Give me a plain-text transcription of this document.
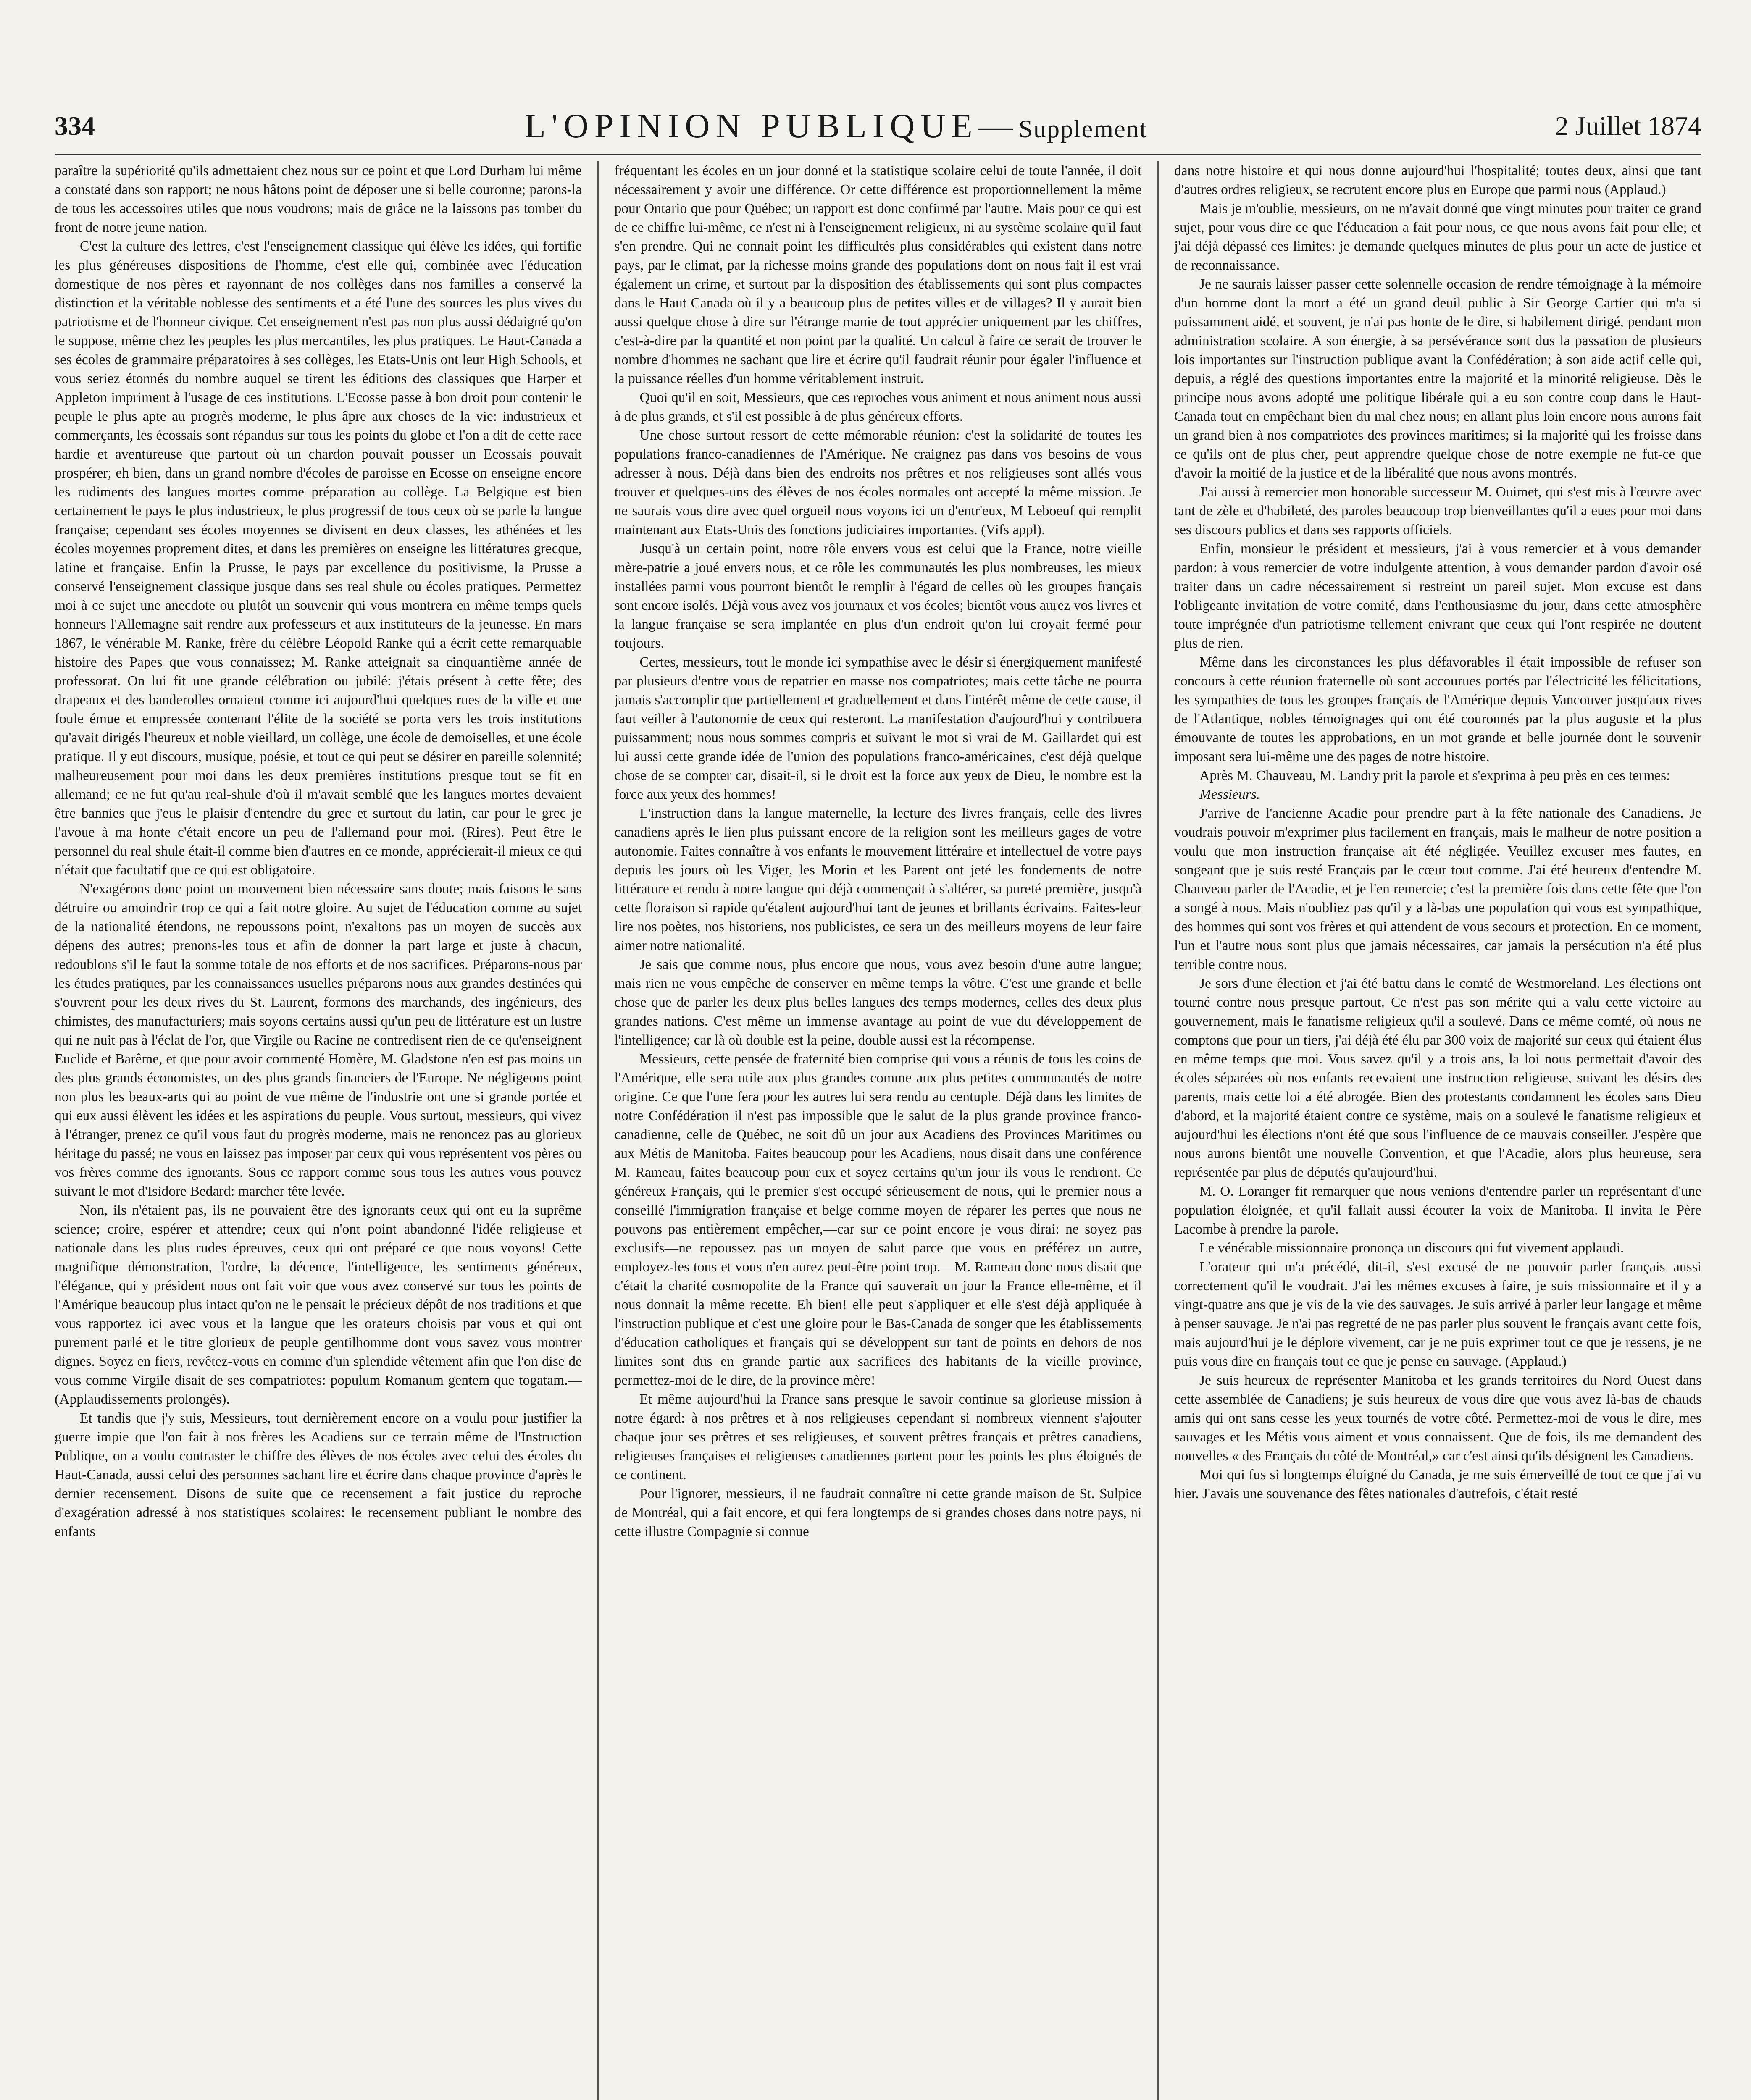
334	L'OPINION PUBLIQUE—Supplement	2 Juillet 1874

paraître la supériorité qu'ils admettaient chez nous sur ce point et que Lord Durham lui même a constaté dans son rapport; ne nous hâtons point de déposer une si belle couronne; parons-la de tous les accessoires utiles que nous voudrons; mais de grâce ne la laissons pas tomber du front de notre jeune nation.

C'est la culture des lettres, c'est l'enseignement classique qui élève les idées, qui fortifie les plus généreuses dispositions de l'homme, c'est elle qui, combinée avec l'éducation domestique de nos pères et rayonnant de nos collèges dans nos familles a conservé la distinction et la véritable noblesse des sentiments et a été l'une des sources les plus vives du patriotisme et de l'honneur civique. Cet enseignement n'est pas non plus aussi dédaigné qu'on le suppose, même chez les peuples les plus mercantiles, les plus pratiques. Le Haut-Canada a ses écoles de grammaire préparatoires à ses collèges, les Etats-Unis ont leur High Schools, et vous seriez étonnés du nombre auquel se tirent les éditions des classiques que Harper et Appleton impriment à l'usage de ces institutions. L'Ecosse passe à bon droit pour contenir le peuple le plus apte au progrès moderne, le plus âpre aux choses de la vie: industrieux et commerçants, les écossais sont répandus sur tous les points du globe et l'on a dit de cette race hardie et aventureuse que partout où un chardon pouvait pousser un Ecossais pouvait prospérer; eh bien, dans un grand nombre d'écoles de paroisse en Ecosse on enseigne encore les rudiments des langues mortes comme préparation au collège. La Belgique est bien certainement le pays le plus industrieux, le plus progressif de tous ceux où se parle la langue française; cependant ses écoles moyennes se divisent en deux classes, les athénées et les écoles moyennes proprement dites, et dans les premières on enseigne les littératures grecque, latine et française. Enfin la Prusse, le pays par excellence du positivisme, la Prusse a conservé l'enseignement classique jusque dans ses real shule ou écoles pratiques. Permettez moi à ce sujet une anecdote ou plutôt un souvenir qui vous montrera en même temps quels honneurs l'Allemagne sait rendre aux professeurs et aux instituteurs de la jeunesse. En mars 1867, le vénérable M. Ranke, frère du célèbre Léopold Ranke qui a écrit cette remarquable histoire des Papes que vous connaissez; M. Ranke atteignait sa cinquantième année de professorat. On lui fit une grande célébration ou jubilé: j'étais présent à cette fête; des drapeaux et des banderolles ornaient comme ici aujourd'hui quelques rues de la ville et une foule émue et empressée contenant l'élite de la société se porta vers les trois institutions qu'avait dirigés l'heureux et noble vieillard, un collège, une école de demoiselles, et une école pratique. Il y eut discours, musique, poésie, et tout ce qui peut se désirer en pareille solennité; malheureusement pour moi dans les deux premières institutions presque tout se fit en allemand; ce ne fut qu'au real-shule d'où il m'avait semblé que les langues mortes devaient être bannies que j'eus le plaisir d'entendre du grec et surtout du latin, car pour le grec je l'avoue à ma honte c'était encore un peu de l'allemand pour moi. (Rires). Peut être le personnel du real shule était-il comme bien d'autres en ce monde, apprécierait-il mieux ce qui n'était que facultatif que ce qui est obligatoire.

N'exagérons donc point un mouvement bien nécessaire sans doute; mais faisons le sans détruire ou amoindrir trop ce qui a fait notre gloire. Au sujet de l'éducation comme au sujet de la nationalité étendons, ne repoussons point, n'exaltons pas un moyen de succès aux dépens des autres; prenons-les tous et afin de donner la part large et juste à chacun, redoublons s'il le faut la somme totale de nos efforts et de nos sacrifices. Préparons-nous par les études pratiques, par les connaissances usuelles préparons nous aux grandes destinées qui s'ouvrent pour les deux rives du St. Laurent, formons des marchands, des ingénieurs, des chimistes, des manufacturiers; mais soyons certains aussi qu'un peu de littérature est un lustre qui ne nuit pas à l'éclat de l'or, que Virgile ou Racine ne contredisent rien de ce qu'enseignent Euclide et Barême, et que pour avoir commenté Homère, M. Gladstone n'en est pas moins un des plus grands économistes, un des plus grands financiers de l'Europe. Ne négligeons point non plus les beaux-arts qui au point de vue même de l'industrie ont une si grande portée et qui eux aussi élèvent les idées et les aspirations du peuple. Vous surtout, messieurs, qui vivez à l'étranger, prenez ce qu'il vous faut du progrès moderne, mais ne renoncez pas au glorieux héritage du passé; ne vous en laissez pas imposer par ceux qui vous représentent vos pères ou vos frères comme des ignorants. Sous ce rapport comme sous tous les autres vous pouvez suivant le mot d'Isidore Bedard: marcher tête levée.

Non, ils n'étaient pas, ils ne pouvaient être des ignorants ceux qui ont eu la suprême science; croire, espérer et attendre; ceux qui n'ont point abandonné l'idée religieuse et nationale dans les plus rudes épreuves, ceux qui ont préparé ce que nous voyons! Cette magnifique démonstration, l'ordre, la décence, l'intelligence, les sentiments généreux, l'élégance, qui y président nous ont fait voir que vous avez conservé sur tous les points de l'Amérique beaucoup plus intact qu'on ne le pensait le précieux dépôt de nos traditions et que vous rapportez ici avec vous et la langue que les orateurs choisis par vous et qui ont purement parlé et le titre glorieux de peuple gentilhomme dont vous savez vous montrer dignes. Soyez en fiers, revêtez-vous en comme d'un splendide vêtement afin que l'on dise de vous comme Virgile disait de ses compatriotes: populum Romanum gentem que togatam.—(Applaudissements prolongés).

Et tandis que j'y suis, Messieurs, tout dernièrement encore on a voulu pour justifier la guerre impie que l'on fait à nos frères les Acadiens sur ce terrain même de l'Instruction Publique, on a voulu contraster le chiffre des élèves de nos écoles avec celui des écoles du Haut-Canada, aussi celui des personnes sachant lire et écrire dans chaque province d'après le dernier recensement. Disons de suite que ce recensement a fait justice du reproche d'exagération adressé à nos statistiques scolaires: le recensement publiant le nombre des enfants

fréquentant les écoles en un jour donné et la statistique scolaire celui de toute l'année, il doit nécessairement y avoir une différence. Or cette différence est proportionnellement la même pour Ontario que pour Québec; un rapport est donc confirmé par l'autre. Mais pour ce qui est de ce chiffre lui-même, ce n'est ni à l'enseignement religieux, ni au système scolaire qu'il faut s'en prendre. Qui ne connait point les difficultés plus considérables qui existent dans notre pays, par le climat, par la richesse moins grande des populations dont on nous fait il est vrai également un crime, et surtout par la disposition des établissements qui sont plus compactes dans le Haut Canada où il y a beaucoup plus de petites villes et de villages? Il y aurait bien aussi quelque chose à dire sur l'étrange manie de tout apprécier uniquement par les chiffres, c'est-à-dire par la quantité et non point par la qualité. Un calcul à faire ce serait de trouver le nombre d'hommes ne sachant que lire et écrire qu'il faudrait réunir pour égaler l'influence et la puissance réelles d'un homme véritablement instruit.

Quoi qu'il en soit, Messieurs, que ces reproches vous animent et nous animent nous aussi à de plus grands, et s'il est possible à de plus généreux efforts.

Une chose surtout ressort de cette mémorable réunion: c'est la solidarité de toutes les populations franco-canadiennes de l'Amérique. Ne craignez pas dans vos besoins de vous adresser à nous. Déjà dans bien des endroits nos prêtres et nos religieuses sont allés vous trouver et quelques-uns des élèves de nos écoles normales ont accepté la même mission. Je ne saurais vous dire avec quel orgueil nous voyons ici un d'entr'eux, M Leboeuf qui remplit maintenant aux Etats-Unis des fonctions judiciaires importantes. (Vifs appl).

Jusqu'à un certain point, notre rôle envers vous est celui que la France, notre vieille mère-patrie a joué envers nous, et ce rôle les communautés les plus nombreuses, les mieux installées parmi vous pourront bientôt le remplir à l'égard de celles où les groupes français sont encore isolés. Déjà vous avez vos journaux et vos écoles; bientôt vous aurez vos livres et la langue française se sera implantée en plus d'un endroit qu'on lui croyait fermé pour toujours.

Certes, messieurs, tout le monde ici sympathise avec le désir si énergiquement manifesté par plusieurs d'entre vous de repatrier en masse nos compatriotes; mais cette tâche ne pourra jamais s'accomplir que partiellement et graduellement et dans l'intérêt même de cette cause, il faut veiller à l'autonomie de ceux qui resteront. La manifestation d'aujourd'hui y contribuera puissamment; nous nous sommes compris et suivant le mot si vrai de M. Gaillardet qui est lui aussi cette grande idée de l'union des populations franco-américaines, c'est déjà quelque chose de se compter car, disait-il, si le droit est la force aux yeux de Dieu, le nombre est la force aux yeux des hommes!

L'instruction dans la langue maternelle, la lecture des livres français, celle des livres canadiens après le lien plus puissant encore de la religion sont les meilleurs gages de votre autonomie. Faites connaître à vos enfants le mouvement littéraire et intellectuel de votre pays depuis les jours où les Viger, les Morin et les Parent ont jeté les fondements de notre littérature et rendu à notre langue qui déjà commençait à s'altérer, sa pureté première, jusqu'à cette floraison si rapide qu'étalent aujourd'hui tant de jeunes et brillants écrivains. Faites-leur lire nos poètes, nos historiens, nos publicistes, ce sera un des meilleurs moyens de leur faire aimer notre nationalité.

Je sais que comme nous, plus encore que nous, vous avez besoin d'une autre langue; mais rien ne vous empêche de conserver en même temps la vôtre. C'est une grande et belle chose que de parler les deux plus belles langues des temps modernes, celles des deux plus grandes nations. C'est même un immense avantage au point de vue du développement de l'intelligence; car là où double est la peine, double aussi est la récompense.

Messieurs, cette pensée de fraternité bien comprise qui vous a réunis de tous les coins de l'Amérique, elle sera utile aux plus grandes comme aux plus petites communautés de notre origine. Ce que l'une fera pour les autres lui sera rendu au centuple. Déjà dans les limites de notre Confédération il n'est pas impossible que le salut de la plus grande province franco-canadienne, celle de Québec, ne soit dû un jour aux Acadiens des Provinces Maritimes ou aux Métis de Manitoba. Faites beaucoup pour les Acadiens, nous disait dans une conférence M. Rameau, faites beaucoup pour eux et soyez certains qu'un jour ils vous le rendront. Ce généreux Français, qui le premier s'est occupé sérieusement de nous, qui le premier nous a conseillé l'immigration française et belge comme moyen de réparer les pertes que nous ne pouvons pas entièrement empêcher,—car sur ce point encore je vous dirai: ne soyez pas exclusifs—ne repoussez pas un moyen de salut parce que vous en préférez un autre, employez-les tous et vous n'en aurez peut-être point trop.—M. Rameau donc nous disait que c'était la charité cosmopolite de la France qui sauverait un jour la France elle-même, et il nous donnait la même recette. Eh bien! elle peut s'appliquer et elle s'est déjà appliquée à l'instruction publique et c'est une gloire pour le Bas-Canada de songer que les établissements d'éducation catholiques et français qui se développent sur tant de points en dehors de nos limites sont dus en grande partie aux sacrifices des habitants de la vieille province, permettez-moi de le dire, de la province mère!

Et même aujourd'hui la France sans presque le savoir continue sa glorieuse mission à notre égard: à nos prêtres et à nos religieuses cependant si nombreux viennent s'ajouter chaque jour ses prêtres et ses religieuses, et souvent prêtres français et prêtres canadiens, religieuses françaises et religieuses canadiennes partent pour les points les plus éloignés de ce continent.

Pour l'ignorer, messieurs, il ne faudrait connaître ni cette grande maison de St. Sulpice de Montréal, qui a fait encore, et qui fera longtemps de si grandes choses dans notre pays, ni cette illustre Compagnie si connue

dans notre histoire et qui nous donne aujourd'hui l'hospitalité; toutes deux, ainsi que tant d'autres ordres religieux, se recrutent encore plus en Europe que parmi nous (Applaud.)

Mais je m'oublie, messieurs, on ne m'avait donné que vingt minutes pour traiter ce grand sujet, pour vous dire ce que l'éducation a fait pour nous, ce que nous avons fait pour elle; et j'ai déjà dépassé ces limites: je demande quelques minutes de plus pour un acte de justice et de reconnaissance.

Je ne saurais laisser passer cette solennelle occasion de rendre témoignage à la mémoire d'un homme dont la mort a été un grand deuil public à Sir George Cartier qui m'a si puissamment aidé, et souvent, je n'ai pas honte de le dire, si habilement dirigé, pendant mon administration scolaire. A son énergie, à sa persévérance sont dus la passation de plusieurs lois importantes sur l'instruction publique avant la Confédération; à son aide actif celle qui, depuis, a réglé des questions importantes entre la majorité et la minorité religieuse. Dès le principe nous avons adopté une politique libérale qui a eu son contre coup dans le Haut-Canada tout en empêchant bien du mal chez nous; en allant plus loin encore nous aurons fait un grand bien à nos compatriotes des provinces maritimes; si la majorité qui les froisse dans ce qu'ils ont de plus cher, peut apprendre quelque chose de notre exemple ne fut-ce que d'avoir la moitié de la justice et de la libéralité que nous avons montrés.

J'ai aussi à remercier mon honorable successeur M. Ouimet, qui s'est mis à l'œuvre avec tant de zèle et d'habileté, des paroles beaucoup trop bienveillantes qu'il a eues pour moi dans ses discours publics et dans ses rapports officiels.

Enfin, monsieur le président et messieurs, j'ai à vous remercier et à vous demander pardon: à vous remercier de votre indulgente attention, à vous demander pardon d'avoir osé traiter dans un cadre nécessairement si restreint un pareil sujet. Mon excuse est dans l'obligeante invitation de votre comité, dans l'enthousiasme du jour, dans cette atmosphère toute imprégnée d'un patriotisme tellement enivrant que ceux qui l'ont respirée ne doutent plus de rien.

Même dans les circonstances les plus défavorables il était impossible de refuser son concours à cette réunion fraternelle où sont accourues portés par l'électricité les félicitations, les sympathies de tous les groupes français de l'Amérique depuis Vancouver jusqu'aux rives de l'Atlantique, nobles témoignages qui ont été couronnés par la plus auguste et la plus émouvante de toutes les approbations, en un mot grande et belle journée dont le souvenir imposant sera lui-même une des pages de notre histoire.

Après M. Chauveau, M. Landry prit la parole et s'exprima à peu près en ces termes:

Messieurs.

J'arrive de l'ancienne Acadie pour prendre part à la fête nationale des Canadiens. Je voudrais pouvoir m'exprimer plus facilement en français, mais le malheur de notre position a voulu que mon instruction française ait été négligée. Veuillez excuser mes fautes, en songeant que je suis resté Français par le cœur tout comme. J'ai été heureux d'entendre M. Chauveau parler de l'Acadie, et je l'en remercie; c'est la première fois dans cette fête que l'on a songé à nous. Mais n'oubliez pas qu'il y a là-bas une population qui vous est sympathique, des hommes qui sont vos frères et qui attendent de vous secours et protection. En ce moment, l'un et l'autre nous sont plus que jamais nécessaires, car jamais la persécution n'a été plus terrible contre nous.

Je sors d'une élection et j'ai été battu dans le comté de Westmoreland. Les élections ont tourné contre nous presque partout. Ce n'est pas son mérite qui a valu cette victoire au gouvernement, mais le fanatisme religieux qu'il a soulevé. Dans ce même comté, où nous ne comptons que pour un tiers, j'ai déjà été élu par 300 voix de majorité sur ceux qui étaient élus en même temps que moi. Vous savez qu'il y a trois ans, la loi nous permettait d'avoir des écoles séparées où nos enfants recevaient une instruction religieuse, suivant les désirs des parents, mais cette loi a été abrogée. Bien des protestants condamnent les écoles sans Dieu d'abord, et la majorité étaient contre ce système, mais on a soulevé le fanatisme religieux et aujourd'hui les élections n'ont été que sous l'influence de ce mauvais conseiller. J'espère que nous aurons bientôt une nouvelle Convention, et que l'Acadie, alors plus heureuse, sera représentée par plus de députés qu'aujourd'hui.

M. O. Loranger fit remarquer que nous venions d'entendre parler un représentant d'une population éloignée, et qu'il fallait aussi écouter la voix de Manitoba. Il invita le Père Lacombe à prendre la parole.

Le vénérable missionnaire prononça un discours qui fut vivement applaudi.

L'orateur qui m'a précédé, dit-il, s'est excusé de ne pouvoir parler français aussi correctement qu'il le voudrait. J'ai les mêmes excuses à faire, je suis missionnaire et il y a vingt-quatre ans que je vis de la vie des sauvages. Je suis arrivé à parler leur langage et même à penser sauvage. Je n'ai pas regretté de ne pas parler plus souvent le français avant cette fois, mais aujourd'hui je le déplore vivement, car je ne puis exprimer tout ce que je ressens, je ne puis vous dire en français tout ce que je pense en sauvage. (Applaud.)

Je suis heureux de représenter Manitoba et les grands territoires du Nord Ouest dans cette assemblée de Canadiens; je suis heureux de vous dire que vous avez là-bas de chauds amis qui ont sans cesse les yeux tournés de votre côté. Permettez-moi de vous le dire, mes sauvages et les Métis vous aiment et vous connaissent. Que de fois, ils me demandent des nouvelles « des Français du côté de Montréal,» car c'est ainsi qu'ils désignent les Canadiens.

Moi qui fus si longtemps éloigné du Canada, je me suis émerveillé de tout ce que j'ai vu hier. J'avais une souvenance des fêtes nationales d'autrefois, c'était resté
